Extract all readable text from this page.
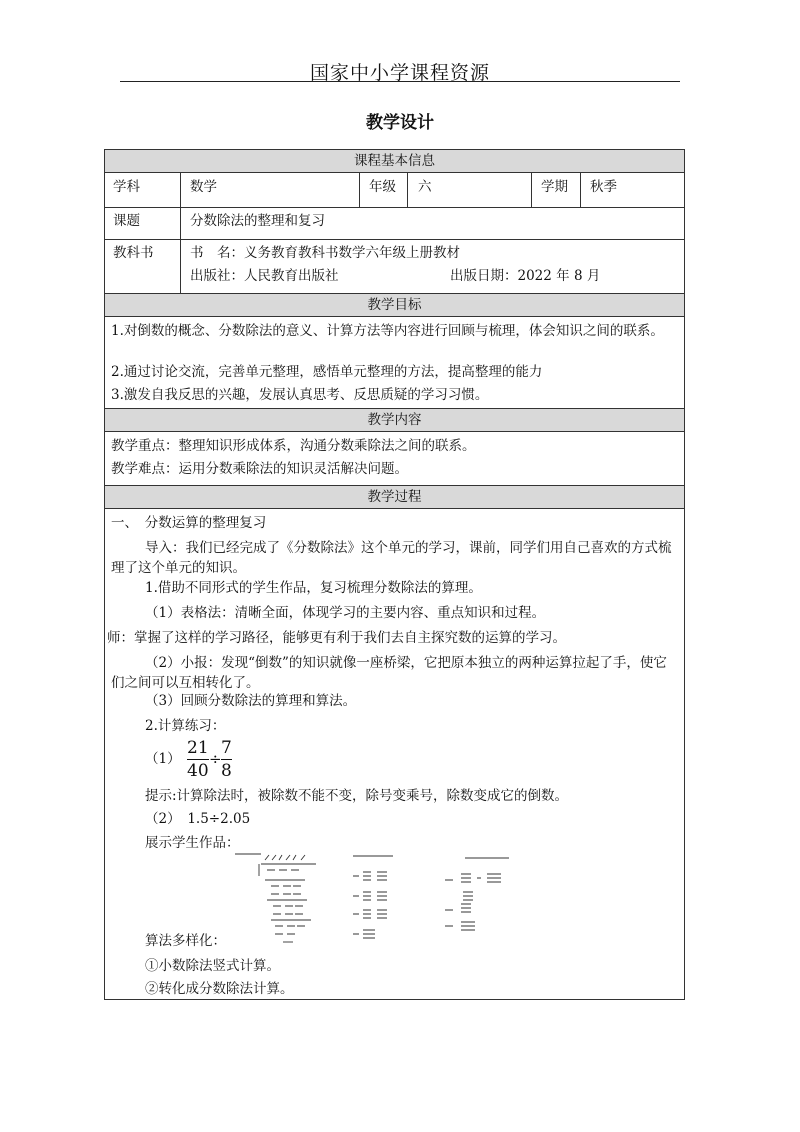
国家中小学课程资源
教学设计
课程基本信息
学科	数学	年级 六	学期 秋季
课题	分数除法的整理和复习
教科书	书　名：义务教育教科书数学六年级上册教材
出版社：人民教育出版社	出版日期：2022 年 8 月
教学目标
1.对倒数的概念、分数除法的意义、计算方法等内容进行回顾与梳理，体会知识之间的联系。
2.通过讨论交流，完善单元整理，感悟单元整理的方法，提高整理的能力
3.激发自我反思的兴趣，发展认真思考、反思质疑的学习习惯。
教学内容
教学重点：整理知识形成体系，沟通分数乘除法之间的联系。
教学难点：运用分数乘除法的知识灵活解决问题。
教学过程
一、　分数运算的整理复习
导入：我们已经完成了《分数除法》这个单元的学习，课前，同学们用自己喜欢的方式梳理了这个单元的知识。
1.借助不同形式的学生作品，复习梳理分数除法的算理。
（1）表格法：清晰全面，体现学习的主要内容、重点知识和过程。
师：掌握了这样的学习路径，能够更有利于我们去自主探究数的运算的学习。
（2）小报：发现“倒数”的知识就像一座桥梁，它把原本独立的两种运算拉起了手，使它们之间可以互相转化了。
（3）回顾分数除法的算理和算法。
2.计算练习：
（1）
21
40
÷
7
8
提示:计算除法时，被除数不能不变，除号变乘号，除数变成它的倒数。
（2）　1.5÷2.05
展示学生作品：
算法多样化：
①小数除法竖式计算。
②转化成分数除法计算。
